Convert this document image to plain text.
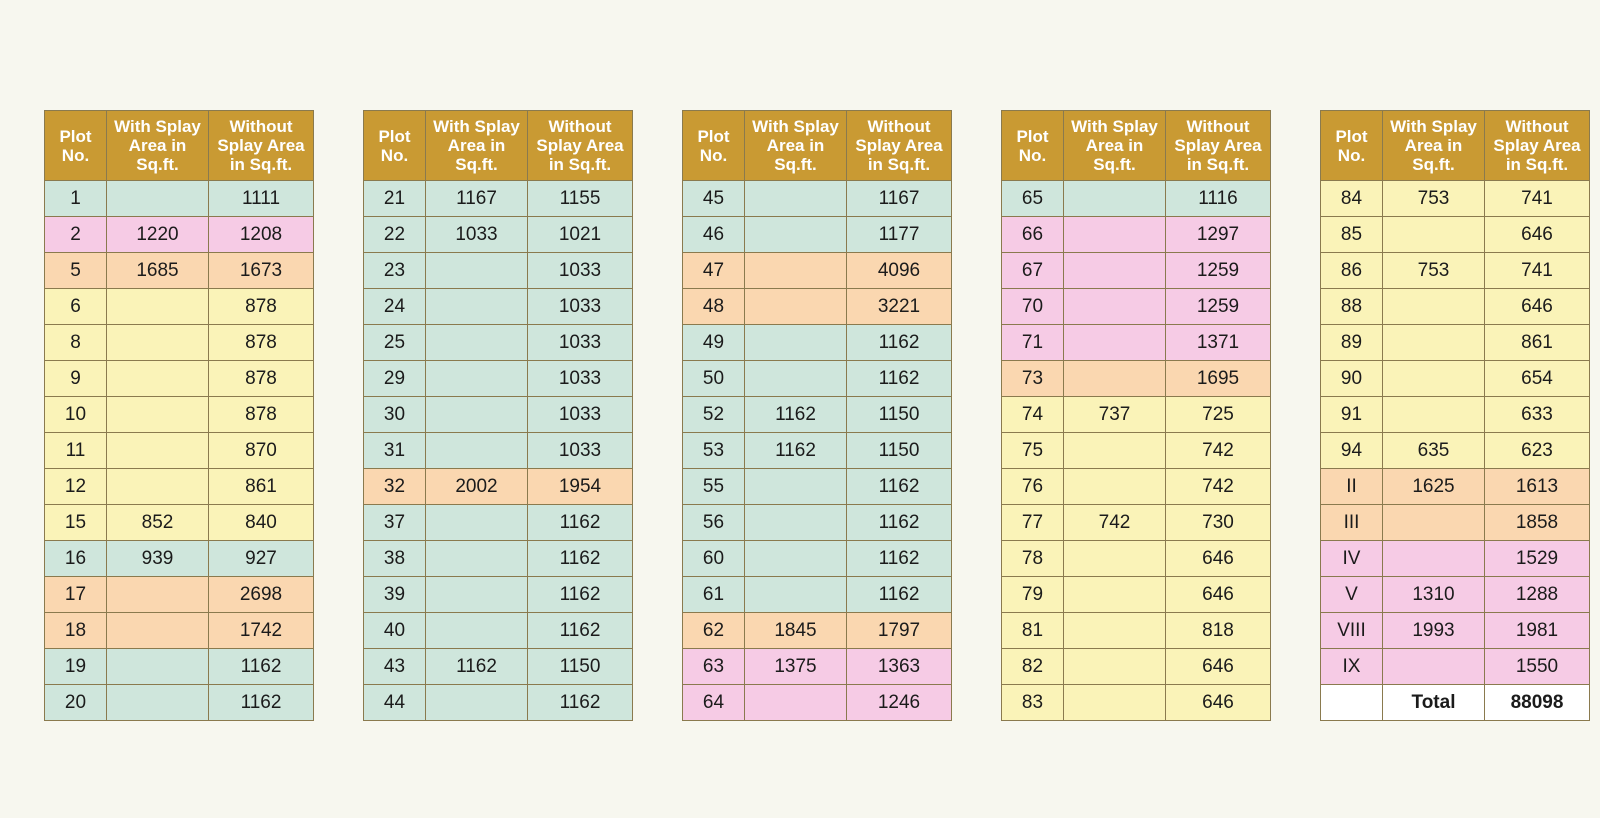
Plot No.	With Splay Area in Sq.ft.	Without Splay Area in Sq.ft.
1		1111
2	1220	1208
5	1685	1673
6		878
8		878
9		878
10		878
11		870
12		861
15	852	840
16	939	927
17		2698
18		1742
19		1162
20		1162
Plot No.	With Splay Area in Sq.ft.	Without Splay Area in Sq.ft.
21	1167	1155
22	1033	1021
23		1033
24		1033
25		1033
29		1033
30		1033
31		1033
32	2002	1954
37		1162
38		1162
39		1162
40		1162
43	1162	1150
44		1162
Plot No.	With Splay Area in Sq.ft.	Without Splay Area in Sq.ft.
45		1167
46		1177
47		4096
48		3221
49		1162
50		1162
52	1162	1150
53	1162	1150
55		1162
56		1162
60		1162
61		1162
62	1845	1797
63	1375	1363
64		1246
Plot No.	With Splay Area in Sq.ft.	Without Splay Area in Sq.ft.
65		1116
66		1297
67		1259
70		1259
71		1371
73		1695
74	737	725
75		742
76		742
77	742	730
78		646
79		646
81		818
82		646
83		646
Plot No.	With Splay Area in Sq.ft.	Without Splay Area in Sq.ft.
84	753	741
85		646
86	753	741
88		646
89		861
90		654
91		633
94	635	623
II	1625	1613
III		1858
IV		1529
V	1310	1288
VIII	1993	1981
IX		1550
	Total	88098
